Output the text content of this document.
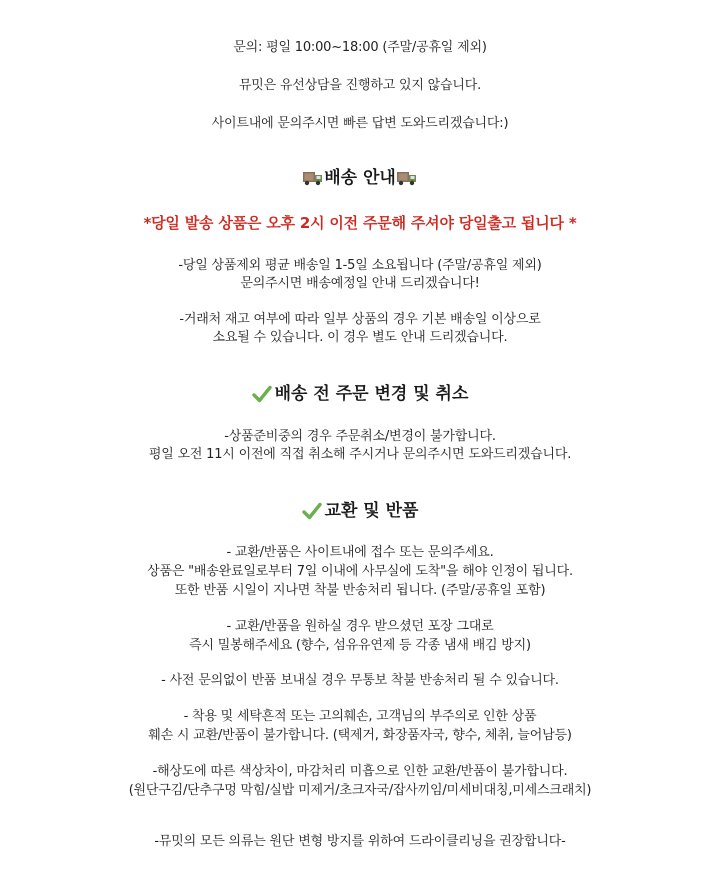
문의: 평일 10:00~18:00 (주말/공휴일 제외)
뮤밋은 유선상담을 진행하고 있지 않습니다.
사이트내에 문의주시면 빠른 답변 도와드리겠습니다:)
배송 안내
*당일 발송 상품은 오후 2시 이전 주문해 주셔야 당일출고 됩니다 *
-당일 상품제외 평균 배송일 1-5일 소요됩니다 (주말/공휴일 제외)
문의주시면 배송예정일 안내 드리겠습니다!
-거래처 재고 여부에 따라 일부 상품의 경우 기본 배송일 이상으로
소요될 수 있습니다. 이 경우 별도 안내 드리겠습니다.
배송 전 주문 변경 및 취소
-상품준비중의 경우 주문취소/변경이 불가합니다.
평일 오전 11시 이전에 직접 취소해 주시거나 문의주시면 도와드리겠습니다.
교환 및 반품
- 교환/반품은 사이트내에 접수 또는 문의주세요.
상품은 "배송완료일로부터 7일 이내에 사무실에 도착"을 해야 인정이 됩니다.
또한 반품 시일이 지나면 착불 반송처리 됩니다. (주말/공휴일 포함)
- 교환/반품을 원하실 경우 받으셨던 포장 그대로
즉시 밀봉해주세요 (향수, 섬유유연제 등 각종 냄새 배김 방지)
- 사전 문의없이 반품 보내실 경우 무통보 착불 반송처리 될 수 있습니다.
- 착용 및 세탁흔적 또는 고의훼손, 고객님의 부주의로 인한 상품
훼손 시 교환/반품이 불가합니다. (택제거, 화장품자국, 향수, 체취, 늘어남등)
-해상도에 따른 색상차이, 마감처리 미흡으로 인한 교환/반품이 불가합니다.
(원단구김/단추구멍 막힘/실밥 미제거/초크자국/잡사끼임/미세비대칭,미세스크래치)
-뮤밋의 모든 의류는 원단 변형 방지를 위하여 드라이클리닝을 권장합니다-
